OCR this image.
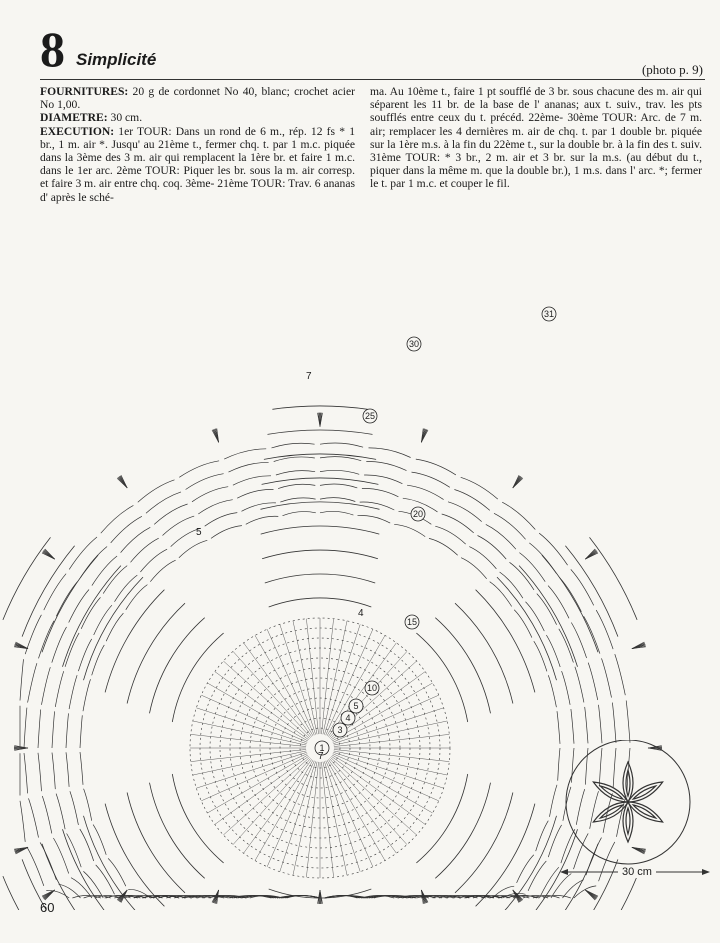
8 Simplicité
(photo p. 9)

FOURNITURES: 20 g de cordonnet No 40, blanc; crochet acier No 1,00.

DIAMETRE: 30 cm.

EXECUTION: 1er TOUR: Dans un rond de 6 m., rép. 12 fs * 1 br., 1 m. air *. Jusqu' au 21ème t., fermer chq. t. par 1 m.c. piquée dans la 3ème des 3 m. air qui remplacent la 1ère br. et faire 1 m.c. dans le 1er arc. 2ème TOUR: Piquer les br. sous la m. air corresp. et faire 3 m. air entre chq. coq. 3ème- 21ème TOUR: Trav. 6 ananas d' après le sché-

ma. Au 10ème t., faire 1 pt soufflé de 3 br. sous chacune des m. air qui séparent les 11 br. de la base de l' ananas; aux t. suiv., trav. les pts soufflés entre ceux du t. précéd. 22ème- 30ème TOUR: Arc. de 7 m. air; remplacer les 4 dernières m. air de chq. t. par 1 double br. piquée sur la 1ère m.s. à la fin du 22ème t., sur la double br. à la fin des t. suiv. 31ème TOUR: * 3 br., 2 m. air et 3 br. sur la m.s. (au début du t., piquer dans la même m. que la double br.), 1 m.s. dans l' arc. *; fermer le t. par 1 m.c. et couper le fil.

1
3
4
5
10
15
20
25
30
31
7
4
5
7
30 cm
60
